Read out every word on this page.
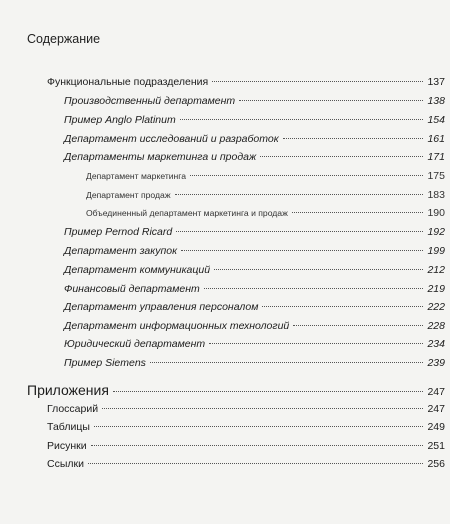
Содержание
Функциональные подразделения	137
Производственный департамент	138
Пример Anglo Platinum	154
Департамент исследований и разработок	161
Департаменты маркетинга и продаж	171
Департамент маркетинга	175
Департамент продаж	183
Объединенный департамент маркетинга и продаж	190
Пример Pernod Ricard	192
Департамент закупок	199
Департамент коммуникаций	212
Финансовый департамент	219
Департамент управления персоналом	222
Департамент информационных технологий	228
Юридический департамент	234
Пример Siemens	239
Приложения	247
Глоссарий	247
Таблицы	249
Рисунки	251
Ссылки	256
